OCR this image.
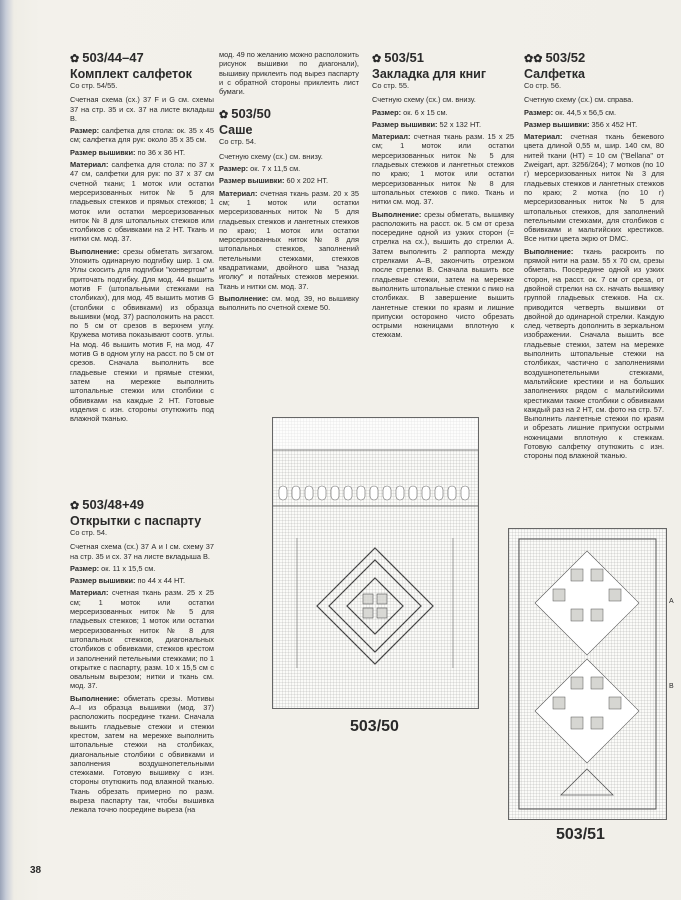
✿ 503/44–47
Комплект салфеток
Со стр. 54/55.

Счетная схема (сх.) 37 F и G см. схемы 37 на стр. 35 и сх. 37 на листе вкладыш В.

Размер: салфетка для стола: ок. 35 х 45 см; салфетка для рук: около 35 х 35 см.

Размер вышивки: по 36 х 36 НТ.

Материал: салфетка для стола: по 37 х 47 см, салфетки для рук: по 37 х 37 см счетной ткани; 1 моток или остатки мерсеризованных ниток № 5 для гладьевых стежков и прямых стежков; 1 моток или остатки мерсеризованных ниток № 8 для штопальных стежков или столбиков с обвивками на 2 НТ. Ткань и нитки см. мод. 37.

Выполнение: срезы обметать зигзагом. Уложить одинарную подгибку шир. 1 см. Углы скосить для подгибки "конвертом" и приточать подгибку. Для мод. 44 вышить мотив F (штопальными стежками на столбиках), для мод. 45 вышить мотив G (столбики с обвивками) из образца вышивки (мод. 37) расположить на расст. по 5 см от срезов в верхнем углу. Кружева мотива показывают соотв. углы. На мод. 46 вышить мотив F, на мод. 47 мотив G в одном углу на расст. по 5 см от срезов. Сначала выполнить все гладьевые стежки и прямые стежки, затем на мережке выполнить штопальные стежки или столбики с обвивками на каждые 2 НТ. Готовые изделия с изн. стороны отутюжить под влажной тканью.

✿ 503/48+49
Открытки с паспарту
Со стр. 54.

Счетная схема (сх.) 37 А и I см. схему 37 на стр. 35 и сх. 37 на листе вкладыша В.

Размер: ок. 11 х 15,5 см.

Размер вышивки: по 44 х 44 НТ.

Материал: счетная ткань разм. 25 х 25 см; 1 моток или остатки мерсеризованных ниток № 5 для гладьевых стежков; 1 моток или остатки мерсеризованных ниток № 8 для штопальных стежков, диагональных столбиков с обвивками, стежков крестом и заполнений петельными стежками; по 1 открытке с паспарту, разм. 10 х 15,5 см с овальным вырезом; нитки и ткань см. мод. 37.

Выполнение: обметать срезы. Мотивы А–I из образца вышивки (мод. 37) расположить посредине ткани. Сначала вышить гладьевые стежки и стежки крестом, затем на мережке выполнить штопальные стежки на столбиках, диагональные столбики с обвивками и заполнения воздушнопетельными стежками. Готовую вышивку с изн. стороны отутюжить под влажной тканью. Ткань обрезать примерно по разм. выреза паспарту так, чтобы вышивка лежала точно посредине выреза (на

мод. 49 по желанию можно расположить рисунок вышивки по диагонали), вышивку приклеить под вырез паспарту и с обратной стороны приклеить лист бумаги.

✿ 503/50
Саше
Со стр. 54.

Счетную схему (сх.) см. внизу.

Размер: ок. 7 х 11,5 см.

Размер вышивки: 60 х 202 НТ.

Материал: счетная ткань разм. 20 х 35 см; 1 моток или остатки мерсеризованных ниток № 5 для гладьевых стежков и лангетных стежков по краю; 1 моток или остатки мерсеризованных ниток № 8 для штопальных стежков, заполнений петельными стежками, стежков квадратиками, двойного шва "назад иголку" и потайных стежков мережки. Ткань и нитки см. мод. 37.

Выполнение: см. мод. 39, но вышивку выполнить по счетной схеме 50.

✿ 503/51
Закладка для книг
Со стр. 55.

Счетную схему (сх.) см. внизу.

Размер: ок. 6 х 15 см.

Размер вышивки: 52 х 132 НТ.

Материал: счетная ткань разм. 15 х 25 см; 1 моток или остатки мерсеризованных ниток № 5 для гладьевых стежков и лангетных стежков по краю; 1 моток или остатки мерсеризованных ниток № 8 для штопальных стежков с пико. Ткань и нитки см. мод. 37.

Выполнение: срезы обметать, вышивку расположить на расст. ок. 5 см от среза посередине одной из узких сторон (= стрелка на сх.), вышить до стрелки А. Затем выполнить 2 раппорта между стрелками А–В, закончить отрезком после стрелки В. Сначала вышить все гладьевые стежки, затем на мережке выполнить штопальные стежки с пико на столбиках. В завершение вышить лангетные стежки по краям и лишние припуски осторожно чисто обрезать острыми ножницами вплотную к стежкам.

✿✿ 503/52
Салфетка
Со стр. 56.

Счетную схему (сх.) см. справа.

Размер: ок. 44,5 х 56,5 см.

Размер вышивки: 356 х 452 НТ.

Материал: счетная ткань бежевого цвета длиной 0,55 м, шир. 140 см, 80 нитей ткани (НТ) = 10 см ("Bellana" от Zweigart, арт. 3256/264); 7 мотков (по 10 г) мерсеризованных ниток № 3 для гладьевых стежков и лангетных стежков по краю; 2 мотка (по 10 г) мерсеризованных ниток № 5 для штопальных стежков, для заполнений петельными стежками, для столбиков с обвивками и мальтийских крестиков. Все нитки цвета экрю от DMC.

Выполнение: ткань раскроить по прямой нити на разм. 55 х 70 см, срезы обметать. Посередине одной из узких сторон, на расст. ок. 7 см от среза, от двойной стрелки на сх. начать вышивку группой гладьевых стежков. На сх. приводится четверть вышивки от двойной до одинарной стрелки. Каждую след. четверть дополнить в зеркальном изображении. Сначала вышить все гладьевые стежки, затем на мережке выполнить штопальные стежки на столбиках, частично с заполнениями воздушнопетельными стежками, мальтийские крестики и на больших заполнениях рядом с мальтийскими крестиками также столбики с обвивками каждый раз на 2 НТ, см. фото на стр. 57. Выполнить лангетные стежки по краям и обрезать лишние припуски острыми ножницами вплотную к стежкам. Готовую салфетку отутюжить с изн. стороны под влажной тканью.

503/50
503/51
A
B
38
